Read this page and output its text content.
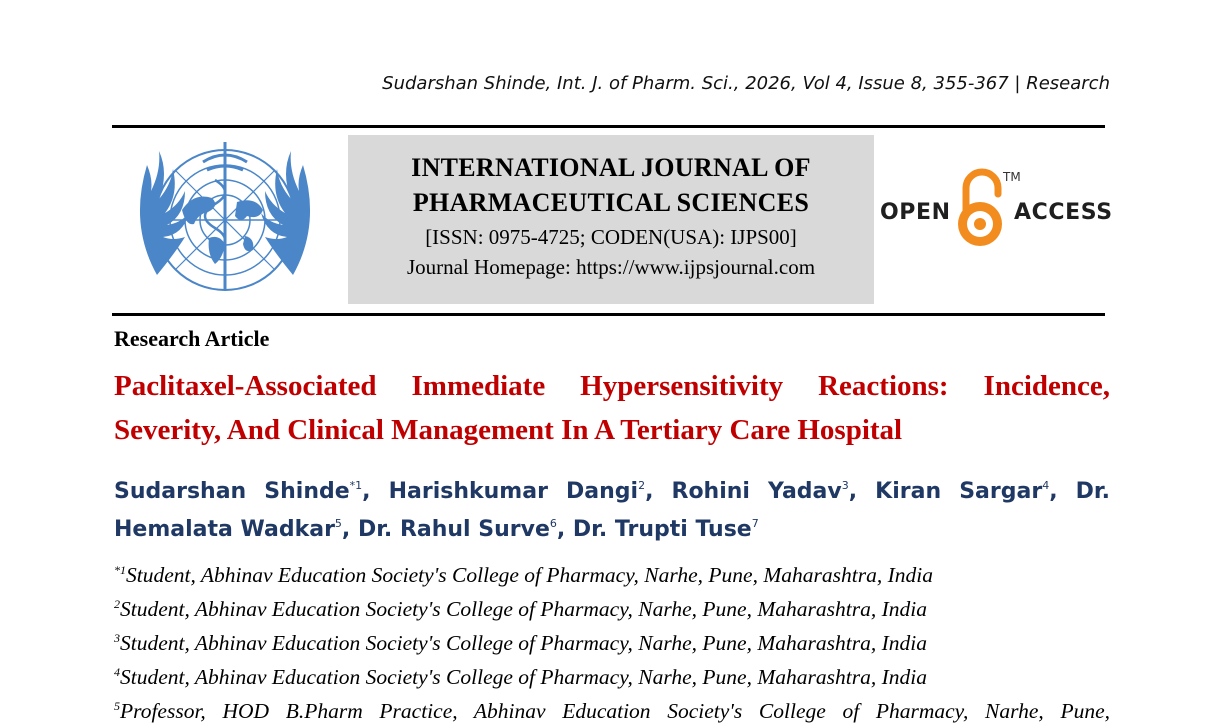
Sudarshan Shinde, Int. J. of Pharm. Sci., 2026, Vol 4, Issue 8, 355-367 | Research
INTERNATIONAL JOURNAL OF
PHARMACEUTICAL SCIENCES
[ISSN: 0975-4725; CODEN(USA): IJPS00]
Journal Homepage: https://www.ijpsjournal.com
OPEN	ACCESS
TM
Research Article
Paclitaxel-Associated Immediate Hypersensitivity Reactions: Incidence, Severity, And Clinical Management In A Tertiary Care Hospital
Sudarshan Shinde$^{*1}$, Harishkumar Dangi$^2$, Rohini Yadav$^3$, Kiran Sargar$^4$, Dr. Hemalata Wadkar$^5$, Dr. Rahul Surve$^6$, Dr. Trupti Tuse$^7$
$^{*1}$Student, Abhinav Education Society's College of Pharmacy, Narhe, Pune, Maharashtra, India
$^2$Student, Abhinav Education Society's College of Pharmacy, Narhe, Pune, Maharashtra, India
$^3$Student, Abhinav Education Society's College of Pharmacy, Narhe, Pune, Maharashtra, India
$^4$Student, Abhinav Education Society's College of Pharmacy, Narhe, Pune, Maharashtra, India
$^5$Professor, HOD B.Pharm Practice, Abhinav Education Society's College of Pharmacy, Narhe, Pune,
